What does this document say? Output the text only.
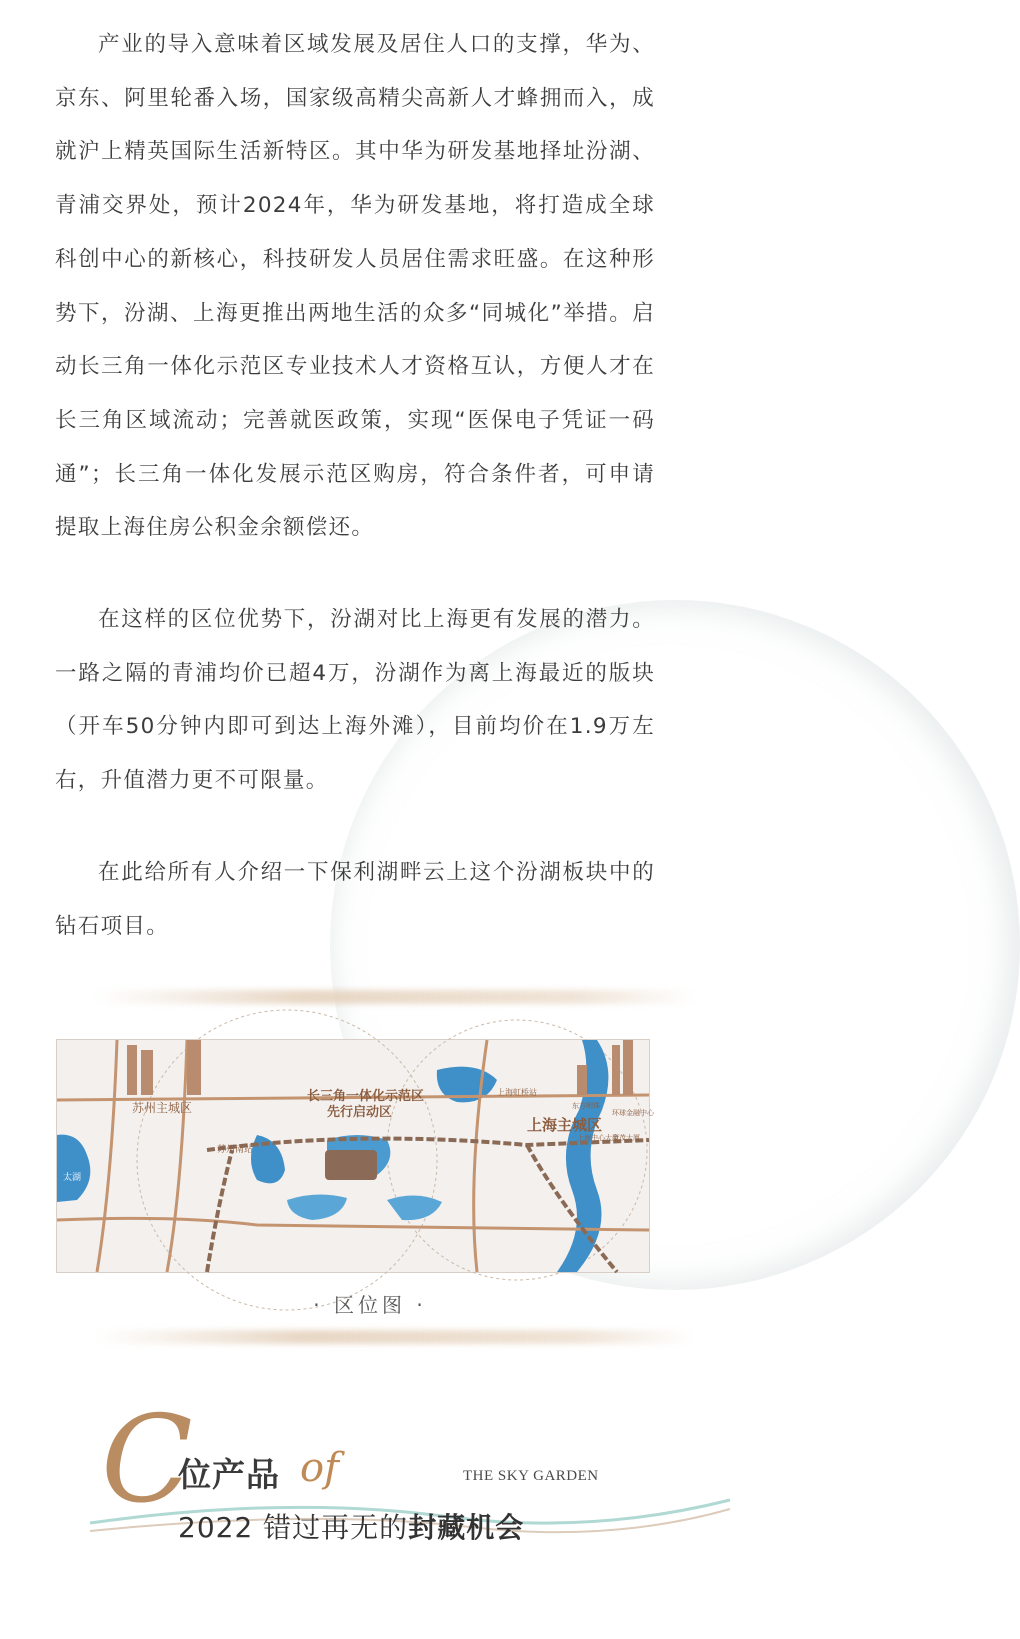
产业的导入意味着区域发展及居住人口的支撑，华为、京东、阿里轮番入场，国家级高精尖高新人才蜂拥而入，成就沪上精英国际生活新特区。其中华为研发基地择址汾湖、青浦交界处，预计2024年，华为研发基地，将打造成全球科创中心的新核心，科技研发人员居住需求旺盛。在这种形势下，汾湖、上海更推出两地生活的众多“同城化”举措。启动长三角一体化示范区专业技术人才资格互认，方便人才在长三角区域流动；完善就医政策，实现“医保电子凭证一码通”；长三角一体化发展示范区购房，符合条件者，可申请提取上海住房公积金余额偿还。

在这样的区位优势下，汾湖对比上海更有发展的潜力。一路之隔的青浦均价已超4万，汾湖作为离上海最近的版块（开车50分钟内即可到达上海外滩），目前均价在1.9万左右，升值潜力更不可限量。

在此给所有人介绍一下保利湖畔云上这个汾湖板块中的钻石项目。

苏州主城区
长三角一体化示范区
先行启动区
上海主城区
太湖
苏州南站
上海虹桥站
东方明珠
上海中心大厦
环球金融中心
金茂大厦
· 区位图 ·
C
位产品 of	THE SKY GARDEN
2022 错过再无的封藏机会
